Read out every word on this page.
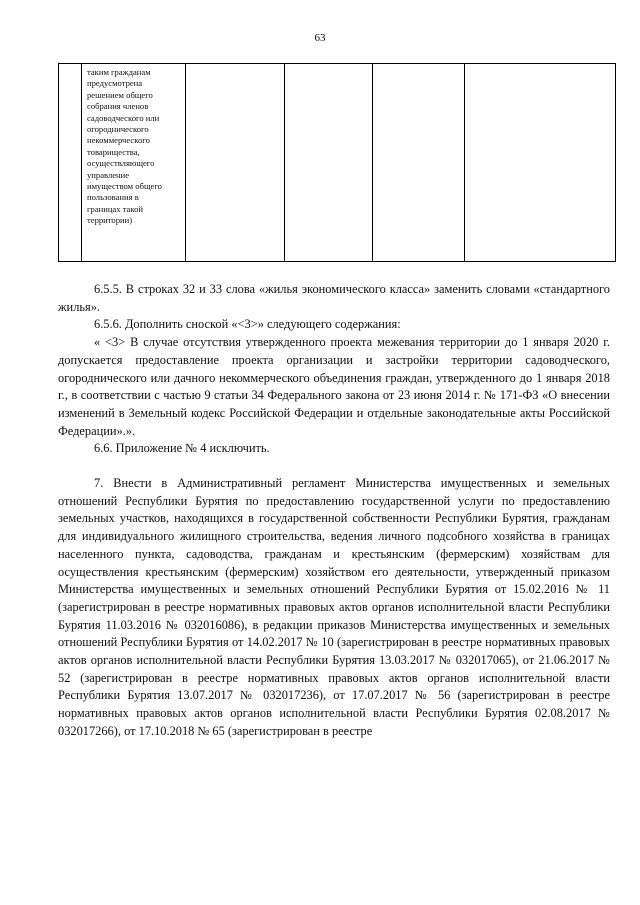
63

таким гражданам
предусмотрена
решением общего
собрания членов
садоводческого или
огороднического
некоммерческого
товарищества,
осуществляющего
управление
имуществом общего
пользования в
границах такой
территории)

6.5.5. В строках 32 и 33 слова «жилья экономического класса» заменить словами «стандартного жилья».

6.5.6. Дополнить сноской «<3>» следующего содержания:

« <3> В случае отсутствия утвержденного проекта межевания территории до 1 января 2020 г. допускается предоставление проекта организации и застройки территории садоводческого, огороднического или дачного некоммерческого объединения граждан, утвержденного до 1 января 2018 г., в соответствии с частью 9 статьи 34 Федерального закона от 23 июня 2014 г. № 171-ФЗ «О внесении изменений в Земельный кодекс Российской Федерации и отдельные законодательные акты Российской Федерации».».

6.6. Приложение № 4 исключить.

7. Внести в Административный регламент Министерства имущественных и земельных отношений Республики Бурятия по предоставлению государственной услуги по предоставлению земельных участков, находящихся в государственной собственности Республики Бурятия, гражданам для индивидуального жилищного строительства, ведения личного подсобного хозяйства в границах населенного пункта, садоводства, гражданам и крестьянским (фермерским) хозяйствам для осуществления крестьянским (фермерским) хозяйством его деятельности, утвержденный приказом Министерства имущественных и земельных отношений Республики Бурятия от 15.02.2016 № 11 (зарегистрирован в реестре нормативных правовых актов органов исполнительной власти Республики Бурятия 11.03.2016 № 032016086), в редакции приказов Министерства имущественных и земельных отношений Республики Бурятия от 14.02.2017 № 10 (зарегистрирован в реестре нормативных правовых актов органов исполнительной власти Республики Бурятия 13.03.2017 № 032017065), от 21.06.2017 № 52 (зарегистрирован в реестре нормативных правовых актов органов исполнительной власти Республики Бурятия 13.07.2017 № 032017236), от 17.07.2017 № 56 (зарегистрирован в реестре нормативных правовых актов органов исполнительной власти Республики Бурятия 02.08.2017 № 032017266), от 17.10.2018 № 65 (зарегистрирован в реестре
